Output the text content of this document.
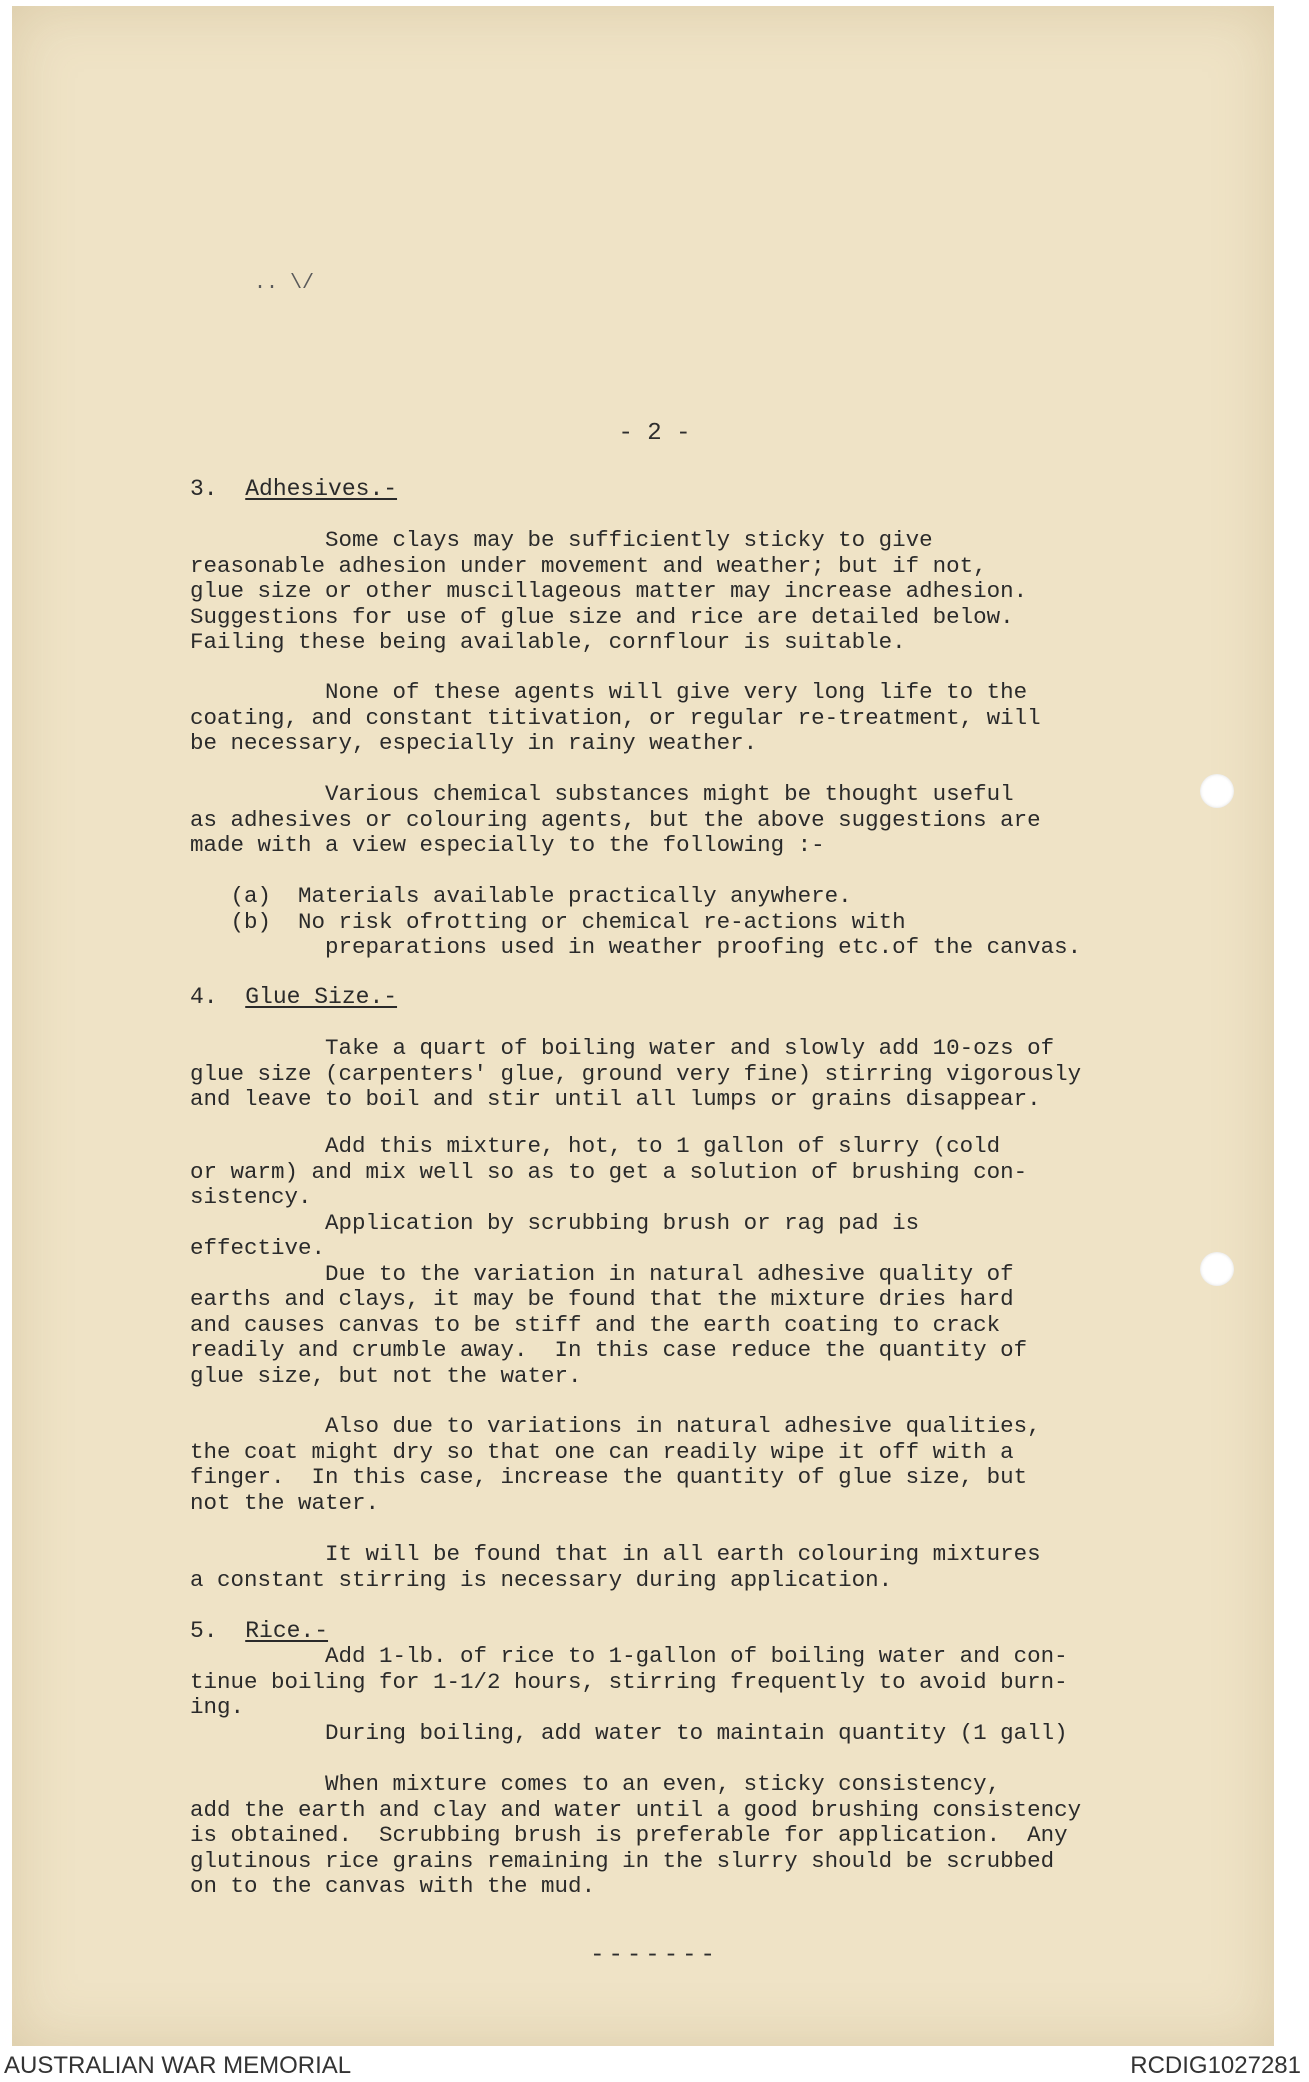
.. \/
- 2 -
3. Adhesives.-
Some clays may be sufficiently sticky to give
reasonable adhesion under movement and weather; but if not,
glue size or other muscillageous matter may increase adhesion.
Suggestions for use of glue size and rice are detailed below.
Failing these being available, cornflour is suitable.
None of these agents will give very long life to the
coating, and constant titivation, or regular re-treatment, will
be necessary, especially in rainy weather.
Various chemical substances might be thought useful
as adhesives or colouring agents, but the above suggestions are
made with a view especially to the following :-
(a)  Materials available practically anywhere.
(b)  No risk ofrotting or chemical re-actions with
preparations used in weather proofing etc.of the canvas.
4. Glue Size.-
Take a quart of boiling water and slowly add 10-ozs of
glue size (carpenters' glue, ground very fine) stirring vigorously
and leave to boil and stir until all lumps or grains disappear.
Add this mixture, hot, to 1 gallon of slurry (cold
or warm) and mix well so as to get a solution of brushing con-
sistency.
Application by scrubbing brush or rag pad is
effective.
Due to the variation in natural adhesive quality of
earths and clays, it may be found that the mixture dries hard
and causes canvas to be stiff and the earth coating to crack
readily and crumble away.  In this case reduce the quantity of
glue size, but not the water.
Also due to variations in natural adhesive qualities,
the coat might dry so that one can readily wipe it off with a
finger.  In this case, increase the quantity of glue size, but
not the water.
It will be found that in all earth colouring mixtures
a constant stirring is necessary during application.
5. Rice.-
Add 1-lb. of rice to 1-gallon of boiling water and con-
tinue boiling for 1-1/2 hours, stirring frequently to avoid burn-
ing.
During boiling, add water to maintain quantity (1 gall)
When mixture comes to an even, sticky consistency,
add the earth and clay and water until a good brushing consistency
is obtained.  Scrubbing brush is preferable for application.  Any
glutinous rice grains remaining in the slurry should be scrubbed
on to the canvas with the mud.
-------
AUSTRALIAN WAR MEMORIAL	RCDIG1027281
